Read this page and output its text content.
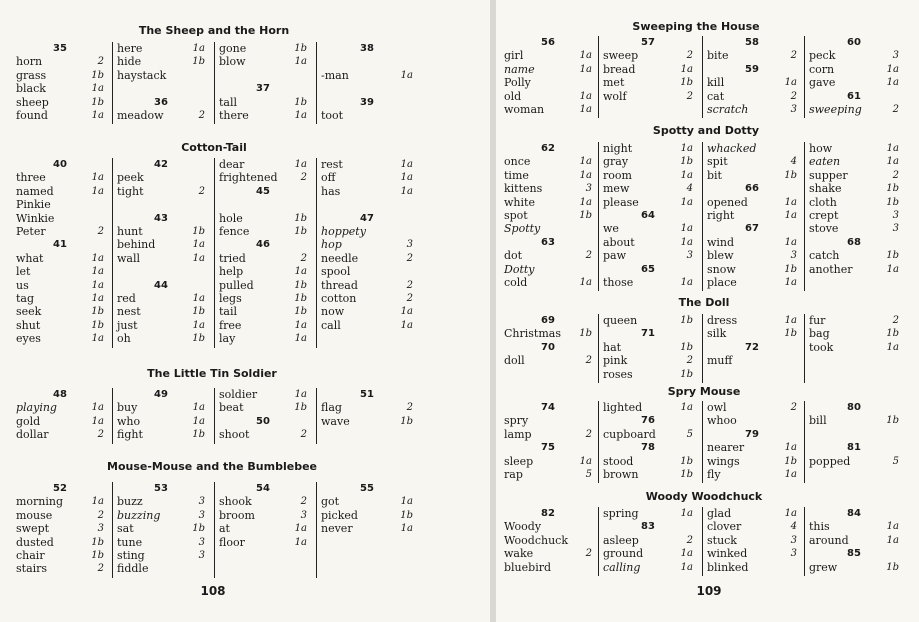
The Sheep and the Horn
35
horn	2
grass	1b
black	1a
sheep	1b
found	1a
here	1a
hide	1b
haystack
36
meadow	2
gone	1b
blow	1a
37
tall	1b
there	1a
38
-man	1a
39
toot
Cotton-Tail
40
three	1a
named	1a
Pinkie
Winkie
Peter	2
41
what	1a
let	1a
us	1a
tag	1a
seek	1b
shut	1b
eyes	1a
42
peek
tight	2
43
hunt	1b
behind	1a
wall	1a
44
red	1a
nest	1b
just	1a
oh	1b
dear	1a
frightened 2
45
hole	1b
fence	1b
46
tried	2
help	1a
pulled	1b
legs	1b
tail	1b
free	1a
lay	1a
rest	1a
off	1a
has	1a
47
hoppety
hop	3
needle	2
spool
thread	2
cotton	2
now	1a
call	1a
The Little Tin Soldier
48
playing	1a
gold	1a
dollar	2
49
buy	1a
who	1a
fight	1b
soldier	1a
beat	1b
50
shoot	2
51
flag	2
wave	1b
Mouse-Mouse and the Bumblebee
52
morning	1a
mouse	2
swept	3
dusted	1b
chair	1b
stairs	2
53
buzz	3
buzzing	3
sat	1b
tune	3
sting	3
fiddle
54
shook	2
broom	3
at	1a
floor	1a
55
got	1a
picked	1b
never	1a
108
Sweeping the House
56
girl	1a
name	1a
Polly
old	1a
woman	1a
57
sweep	2
bread	1a
met	1b
wolf	2
58
bite	2
59
kill	1a
cat	2
scratch	3
60
peck	3
corn	1a
gave	1a
61
sweeping	2
Spotty and Dotty
62
once	1a
time	1a
kittens	3
white	1a
spot	1b
Spotty
63
dot	2
Dotty
cold	1a
night	1a
gray	1b
room	1a
mew	4
please	1a
64
we	1a
about	1a
paw	3
65
those	1a
whacked
spit	4
bit	1b
66
opened	1a
right	1a
67
wind	1a
blew	3
snow	1b
place	1a
how	1a
eaten	1a
supper	2
shake	1b
cloth	1b
crept	3
stove	3
68
catch	1b
another	1a
The Doll
69
Christmas 1b
70
doll	2
queen	1b
71
hat	1b
pink	2
roses	1b
dress	1a
silk	1b
72
muff
fur	2
bag	1b
took	1a
Spry Mouse
74
spry
lamp	2
75
sleep	1a
rap	5
lighted	1a
76
cupboard	5
78
stood	1b
brown	1b
owl	2
whoo
79
nearer	1a
wings	1b
fly	1a
80
bill	1b
81
popped	5
Woody Woodchuck
82
Woody
Woodchuck
wake	2
bluebird
spring	1a
83
asleep	2
ground	1a
calling	1a
glad	1a
clover	4
stuck	3
winked	3
blinked
84
this	1a
around	1a
85
grew	1b
109
